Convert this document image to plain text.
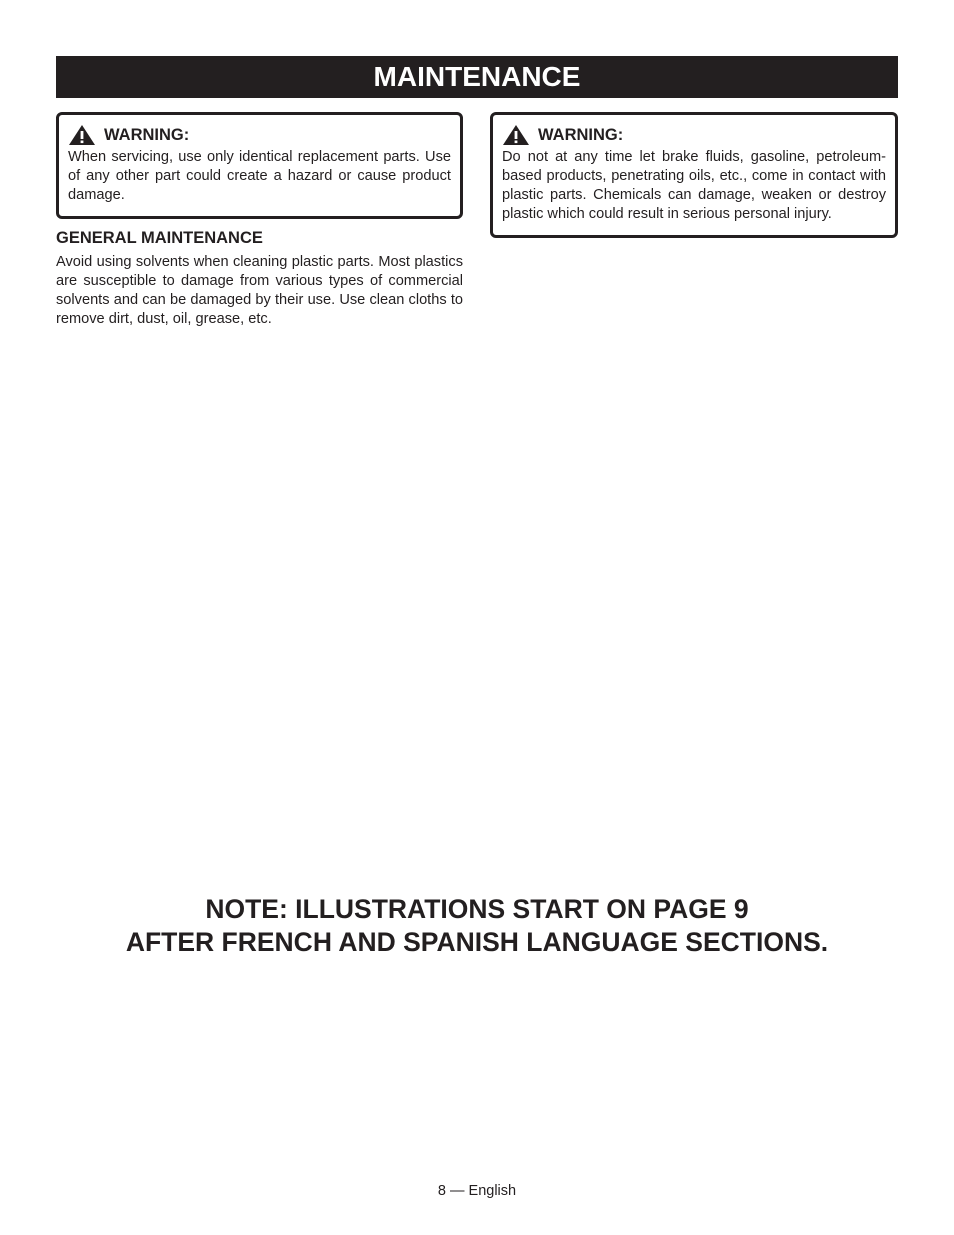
MAINTENANCE
WARNING:

When servicing, use only identical replacement parts. Use of any other part could create a hazard or cause product damage.

WARNING:

Do not at any time let brake fluids, gasoline, petroleum-based products, penetrating oils, etc., come in contact with plastic parts. Chemicals can damage, weaken or destroy plastic which could result in serious personal injury.

GENERAL MAINTENANCE

Avoid using solvents when cleaning plastic parts. Most plastics are susceptible to damage from various types of commercial solvents and can be damaged by their use. Use clean cloths to remove dirt, dust, oil, grease, etc.

NOTE: ILLUSTRATIONS START ON PAGE 9
AFTER FRENCH AND SPANISH LANGUAGE SECTIONS.
8 — English
